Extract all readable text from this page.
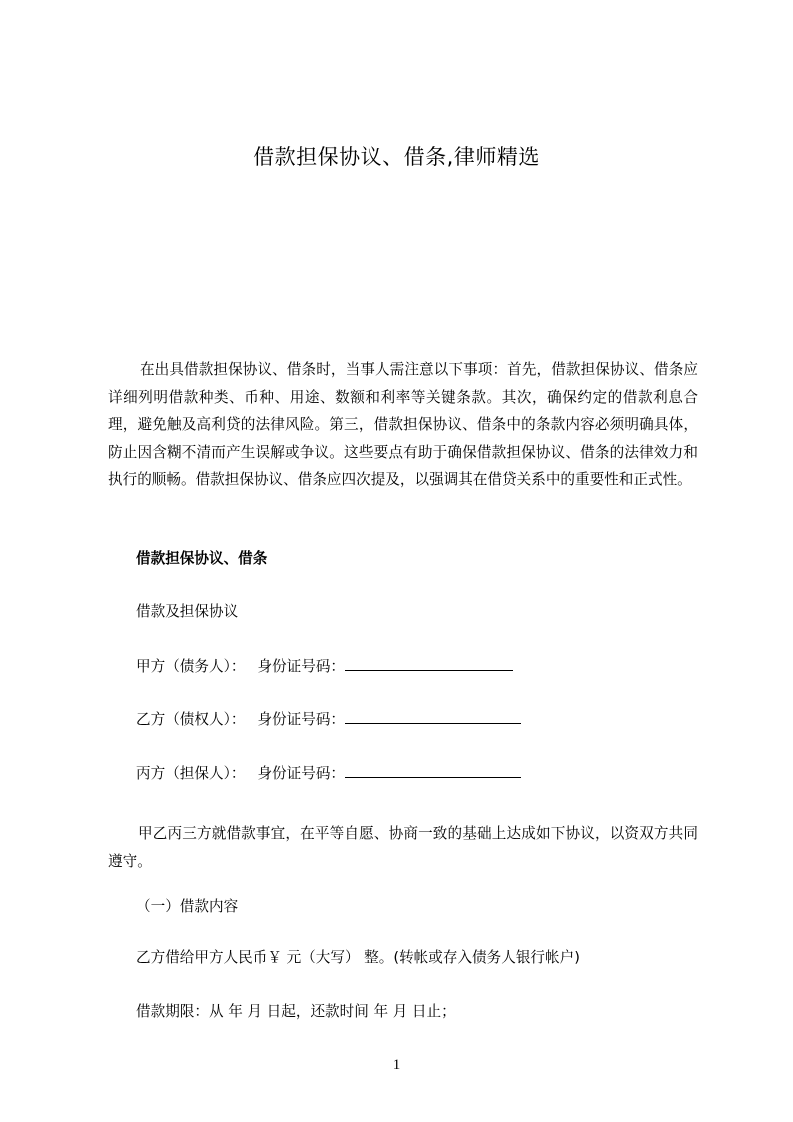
借款担保协议、借条,律师精选

在出具借款担保协议、借条时，当事人需注意以下事项：首先，借款担保协议、借条应详细列明借款种类、币种、用途、数额和利率等关键条款。其次，确保约定的借款利息合理，避免触及高利贷的法律风险。第三，借款担保协议、借条中的条款内容必须明确具体，防止因含糊不清而产生误解或争议。这些要点有助于确保借款担保协议、借条的法律效力和执行的顺畅。借款担保协议、借条应四次提及，以强调其在借贷关系中的重要性和正式性。

借款担保协议、借条
借款及担保协议
甲方（债务人）： 身份证号码：
乙方（债权人）： 身份证号码：
丙方（担保人）： 身份证号码：

甲乙丙三方就借款事宜，在平等自愿、协商一致的基础上达成如下协议，以资双方共同遵守。

（一）借款内容
乙方借给甲方人民币￥ 元（大写） 整。(转帐或存入债务人银行帐户)
借款期限：从 年 月 日起，还款时间 年 月 日止；
1
